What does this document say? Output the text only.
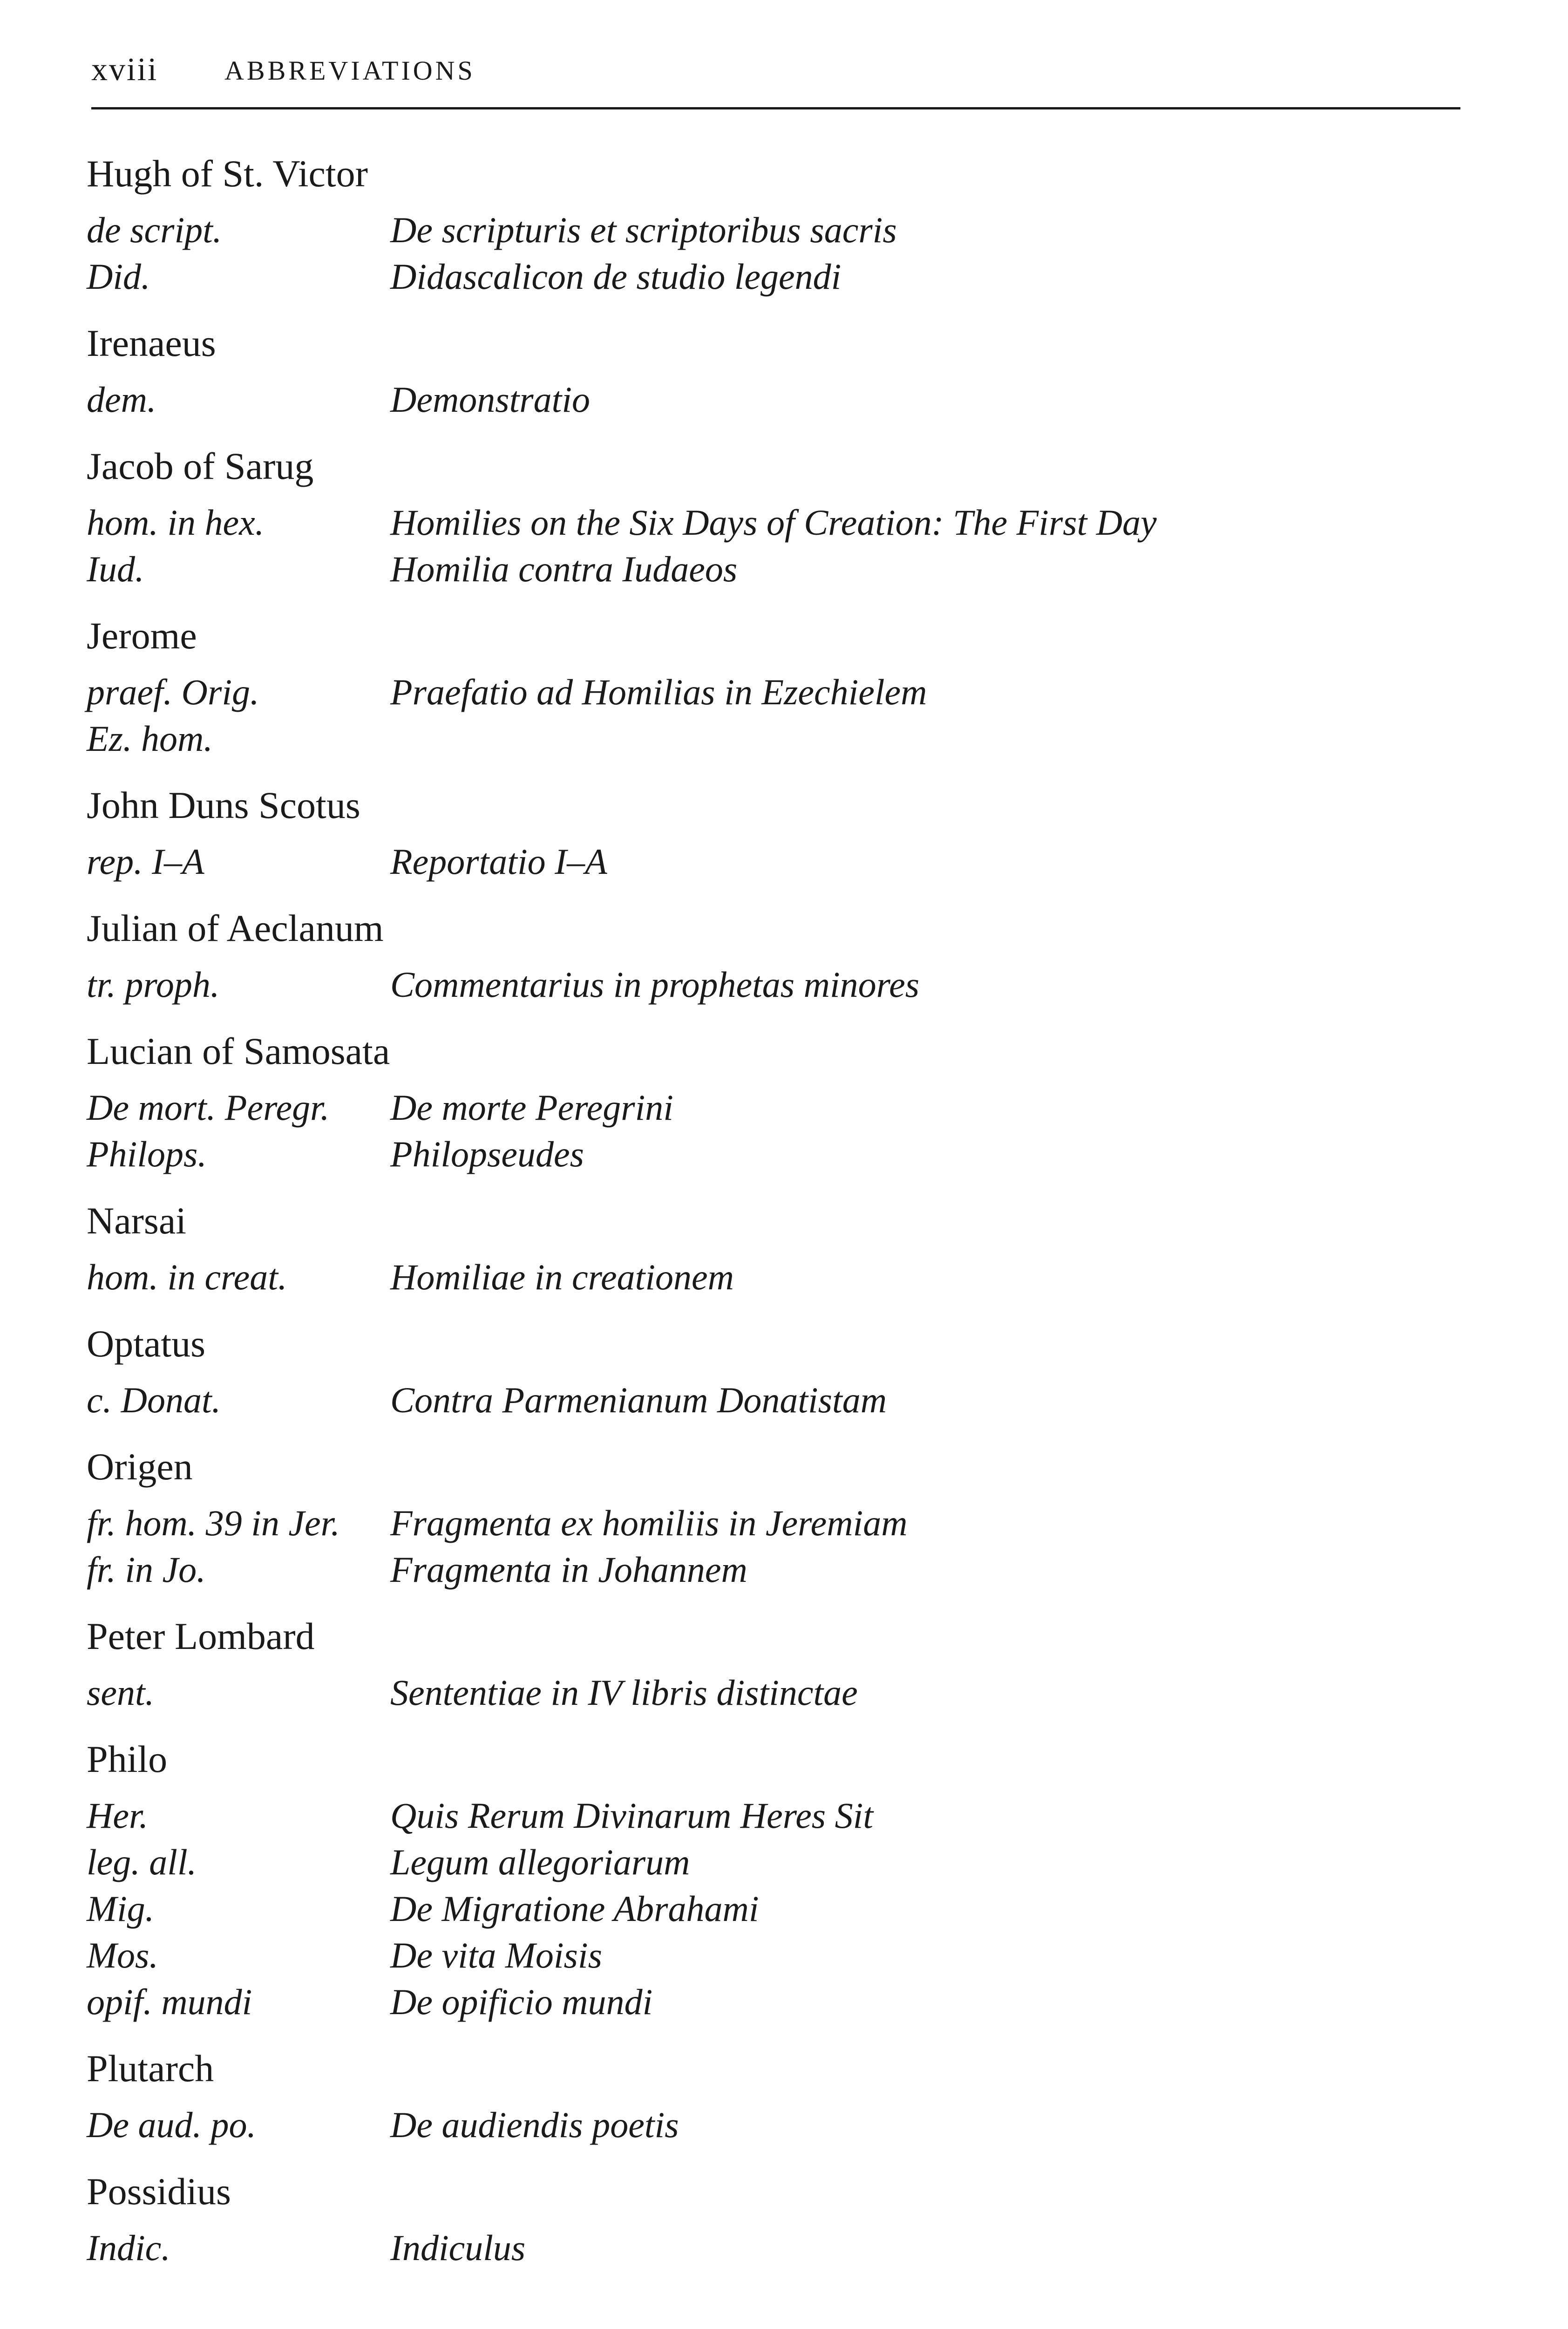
xviii ABBREVIATIONS
Hugh of St. Victor
de script.	De scripturis et scriptoribus sacris
Did.	Didascalicon de studio legendi
Irenaeus
dem.	Demonstratio
Jacob of Sarug
hom. in hex.	Homilies on the Six Days of Creation: The First Day
Iud.	Homilia contra Iudaeos
Jerome
praef. Orig.	Praefatio ad Homilias in Ezechielem
Ez. hom.
John Duns Scotus
rep. I–A	Reportatio I–A
Julian of Aeclanum
tr. proph.	Commentarius in prophetas minores
Lucian of Samosata
De mort. Peregr.	De morte Peregrini
Philops.	Philopseudes
Narsai
hom. in creat.	Homiliae in creationem
Optatus
c. Donat.	Contra Parmenianum Donatistam
Origen
fr. hom. 39 in Jer.	Fragmenta ex homiliis in Jeremiam
fr. in Jo.	Fragmenta in Johannem
Peter Lombard
sent.	Sententiae in IV libris distinctae
Philo
Her.	Quis Rerum Divinarum Heres Sit
leg. all.	Legum allegoriarum
Mig.	De Migratione Abrahami
Mos.	De vita Moisis
opif. mundi	De opificio mundi
Plutarch
De aud. po.	De audiendis poetis
Possidius
Indic.	Indiculus
